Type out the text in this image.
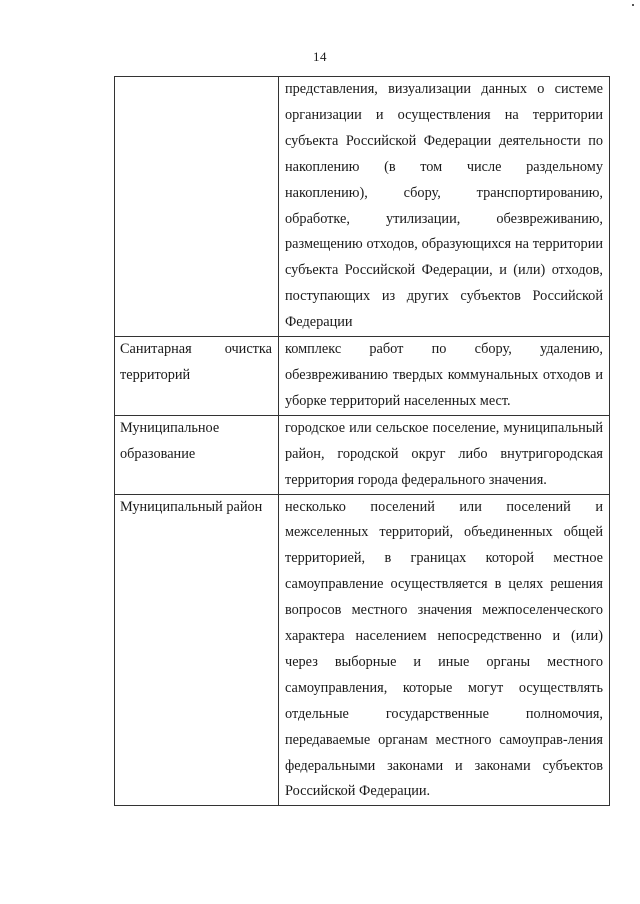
14
	представления, визуализации данных о системе организации и осуществления на территории субъекта Российской Федерации деятельности по накоплению (в том числе раздельному накоплению), сбору, транспортированию, обработке, утилизации, обезвреживанию, размещению отходов, образующихся на территории субъекта Российской Федерации, и (или) отходов, поступающих из других субъектов Российской Федерации
Санитарная очистка территорий	комплекс работ по сбору, удалению, обезвреживанию твердых коммунальных отходов и уборке территорий населенных мест.
Муниципальное образование	городское или сельское поселение, муниципальный район, городской округ либо внутригородская территория города федерального значения.
Муниципальный район	несколько поселений или поселений и межселенных территорий, объединенных общей территорией, в границах которой местное самоуправление осуществляется в целях решения вопросов местного значения межпоселенческого характера населением непосредственно и (или) через выборные и иные органы местного самоуправления, которые могут осуществлять отдельные государственные полномочия, передаваемые органам местного самоуправ-ления федеральными законами и законами субъектов Российской Федерации.
